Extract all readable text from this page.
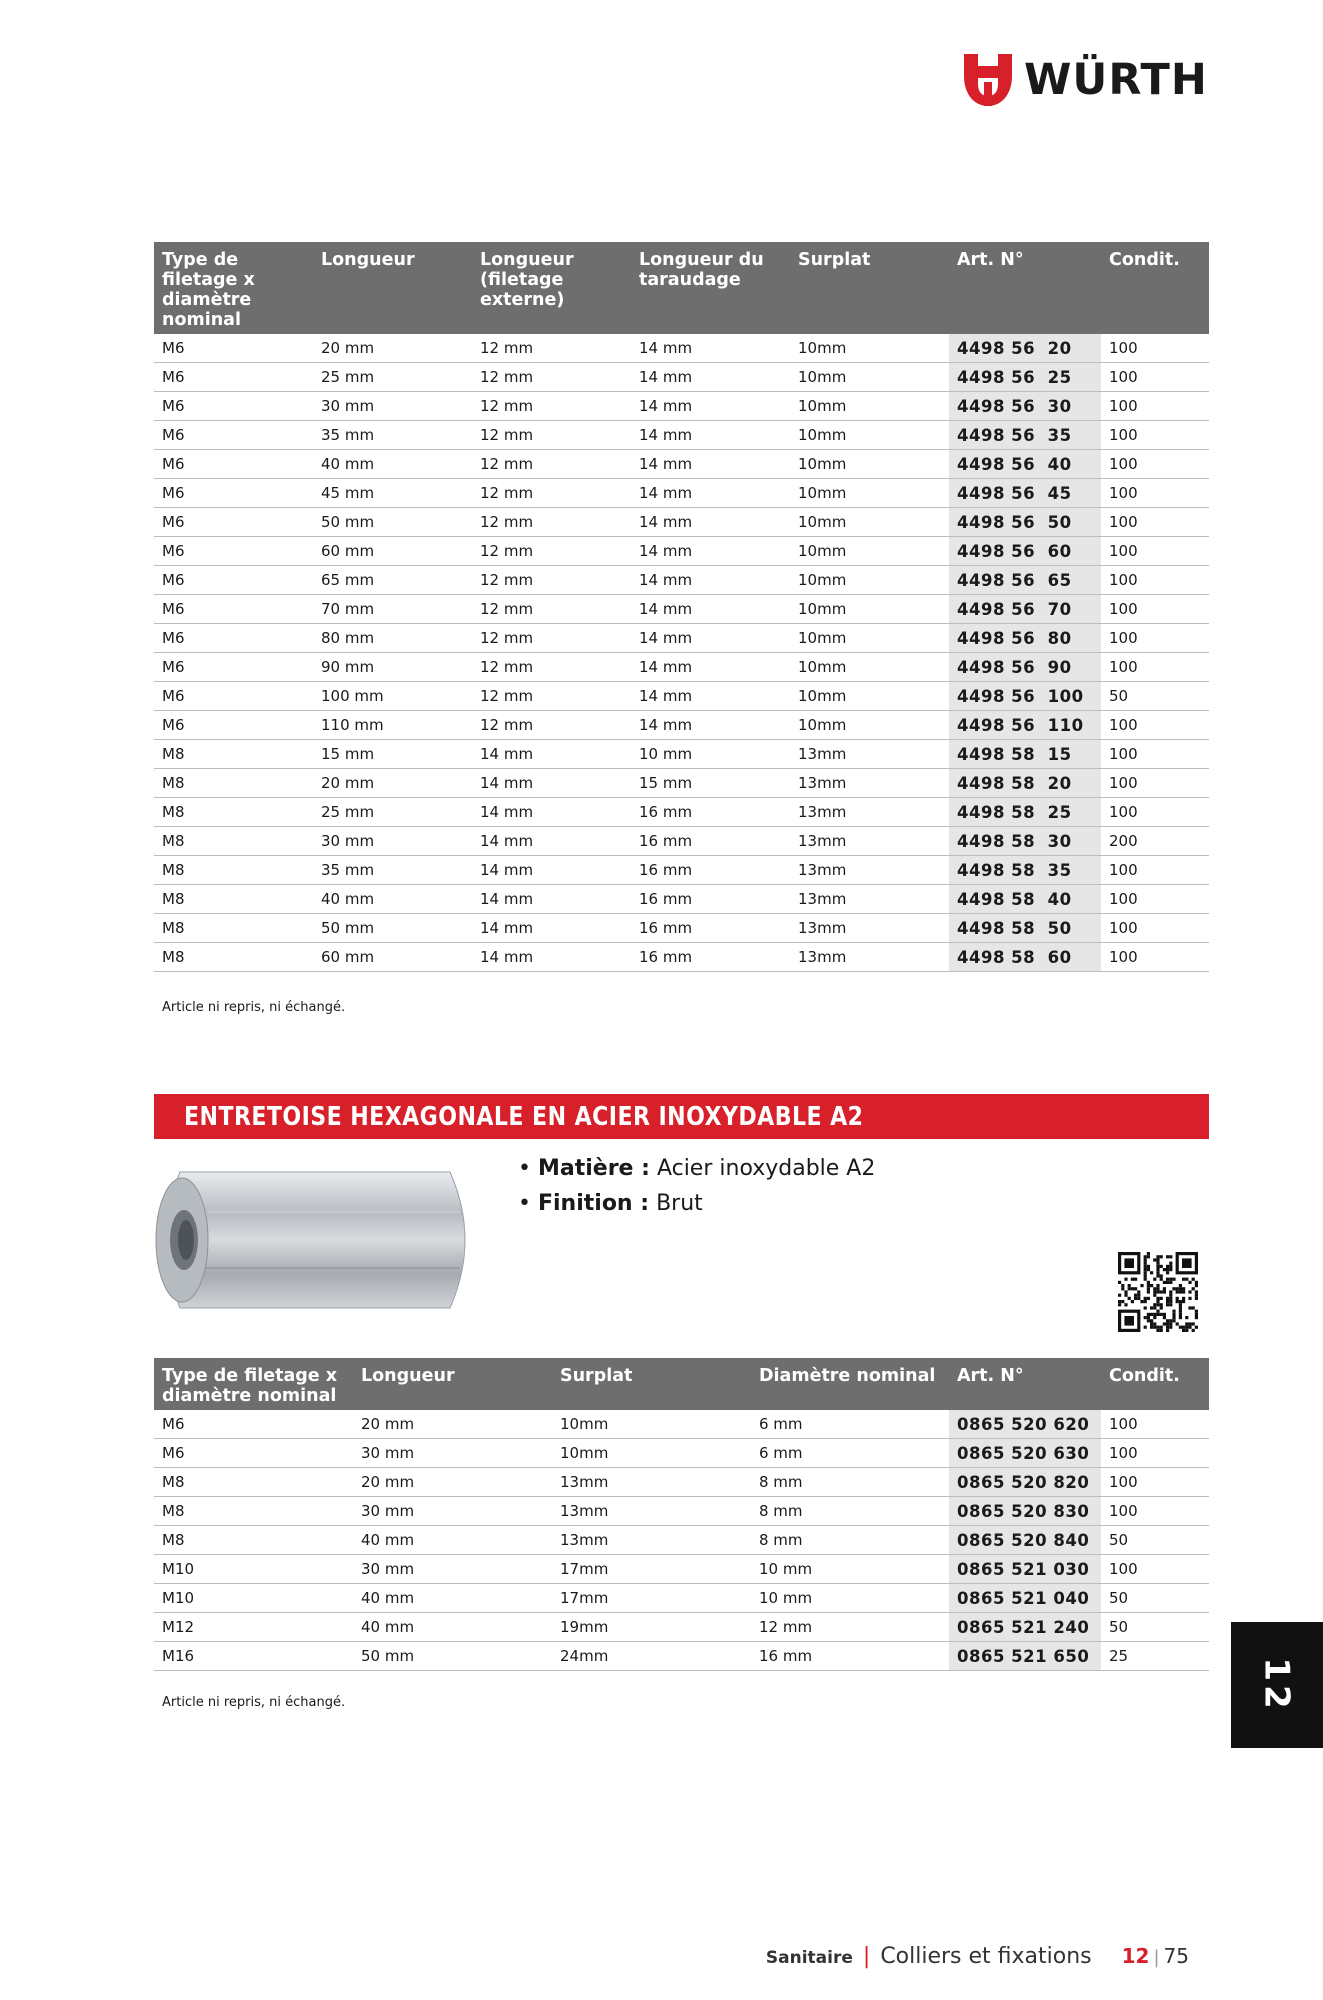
WÜRTH
Type de filetage x diamètre nominal	Longueur	Longueur (filetage externe)	Longueur du taraudage	Surplat	Art. N°	Condit.
M6	20 mm	12 mm	14 mm	10mm	4498 56  20	100
M6	25 mm	12 mm	14 mm	10mm	4498 56  25	100
M6	30 mm	12 mm	14 mm	10mm	4498 56  30	100
M6	35 mm	12 mm	14 mm	10mm	4498 56  35	100
M6	40 mm	12 mm	14 mm	10mm	4498 56  40	100
M6	45 mm	12 mm	14 mm	10mm	4498 56  45	100
M6	50 mm	12 mm	14 mm	10mm	4498 56  50	100
M6	60 mm	12 mm	14 mm	10mm	4498 56  60	100
M6	65 mm	12 mm	14 mm	10mm	4498 56  65	100
M6	70 mm	12 mm	14 mm	10mm	4498 56  70	100
M6	80 mm	12 mm	14 mm	10mm	4498 56  80	100
M6	90 mm	12 mm	14 mm	10mm	4498 56  90	100
M6	100 mm	12 mm	14 mm	10mm	4498 56  100	50
M6	110 mm	12 mm	14 mm	10mm	4498 56  110	100
M8	15 mm	14 mm	10 mm	13mm	4498 58  15	100
M8	20 mm	14 mm	15 mm	13mm	4498 58  20	100
M8	25 mm	14 mm	16 mm	13mm	4498 58  25	100
M8	30 mm	14 mm	16 mm	13mm	4498 58  30	200
M8	35 mm	14 mm	16 mm	13mm	4498 58  35	100
M8	40 mm	14 mm	16 mm	13mm	4498 58  40	100
M8	50 mm	14 mm	16 mm	13mm	4498 58  50	100
M8	60 mm	14 mm	16 mm	13mm	4498 58  60	100
Article ni repris, ni échangé.
ENTRETOISE HEXAGONALE EN ACIER INOXYDABLE A2
• Matière : Acier inoxydable A2
• Finition : Brut
Type de filetage x diamètre nominal	Longueur	Surplat	Diamètre nominal	Art. N°	Condit.
M6	20 mm	10mm	6 mm	0865 520 620	100
M6	30 mm	10mm	6 mm	0865 520 630	100
M8	20 mm	13mm	8 mm	0865 520 820	100
M8	30 mm	13mm	8 mm	0865 520 830	100
M8	40 mm	13mm	8 mm	0865 520 840	50
M10	30 mm	17mm	10 mm	0865 521 030	100
M10	40 mm	17mm	10 mm	0865 521 040	50
M12	40 mm	19mm	12 mm	0865 521 240	50
M16	50 mm	24mm	16 mm	0865 521 650	25
Article ni repris, ni échangé.	12
Sanitaire | Colliers et fixations 12 | 75
